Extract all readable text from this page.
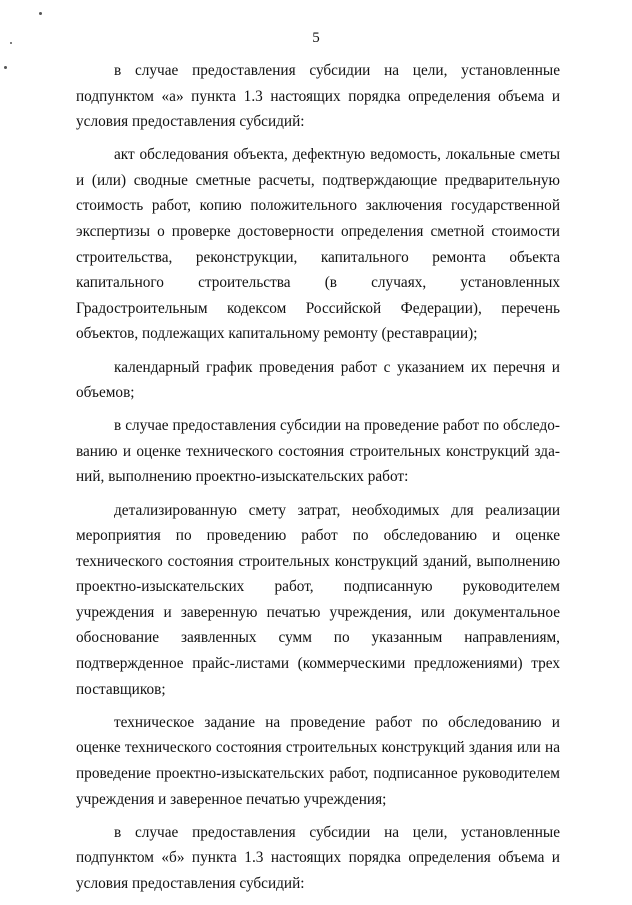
5

в случае предоставления субсидии на цели, установленные подпунктом «а» пункта 1.3 настоящих порядка определения объема и условия предоставления субсидий:

акт обследования объекта, дефектную ведомость, локальные сметы и (или) сводные сметные расчеты, подтверждающие предварительную стоимость работ, копию положительного заключения государственной экспертизы о проверке достоверности определения сметной стоимости строительства, реконструкции, капитального ремонта объекта капитального строительства (в случаях, установленных Градостроительным кодексом Российской Федерации), перечень объектов, подлежащих капитальному ремонту (реставрации);

календарный график проведения работ с указанием их перечня и объемов;

в случае предоставления субсидии на проведение работ по обследованию и оценке технического состояния строительных конструкций зданий, выполнению проектно-изыскательских работ:

детализированную смету затрат, необходимых для реализации мероприятия по проведению работ по обследованию и оценке технического состояния строительных конструкций зданий, выполнению проектно-изыскательских работ, подписанную руководителем учреждения и заверенную печатью учреждения, или документальное обоснование заявленных сумм по указанным направлениям, подтвержденное прайс-листами (коммерческими предложениями) трех поставщиков;

техническое задание на проведение работ по обследованию и оценке технического состояния строительных конструкций здания или на проведение проектно-изыскательских работ, подписанное руководителем учреждения и заверенное печатью учреждения;

в случае предоставления субсидии на цели, установленные подпунктом «б» пункта 1.3 настоящих порядка определения объема и условия предоставления субсидий:
